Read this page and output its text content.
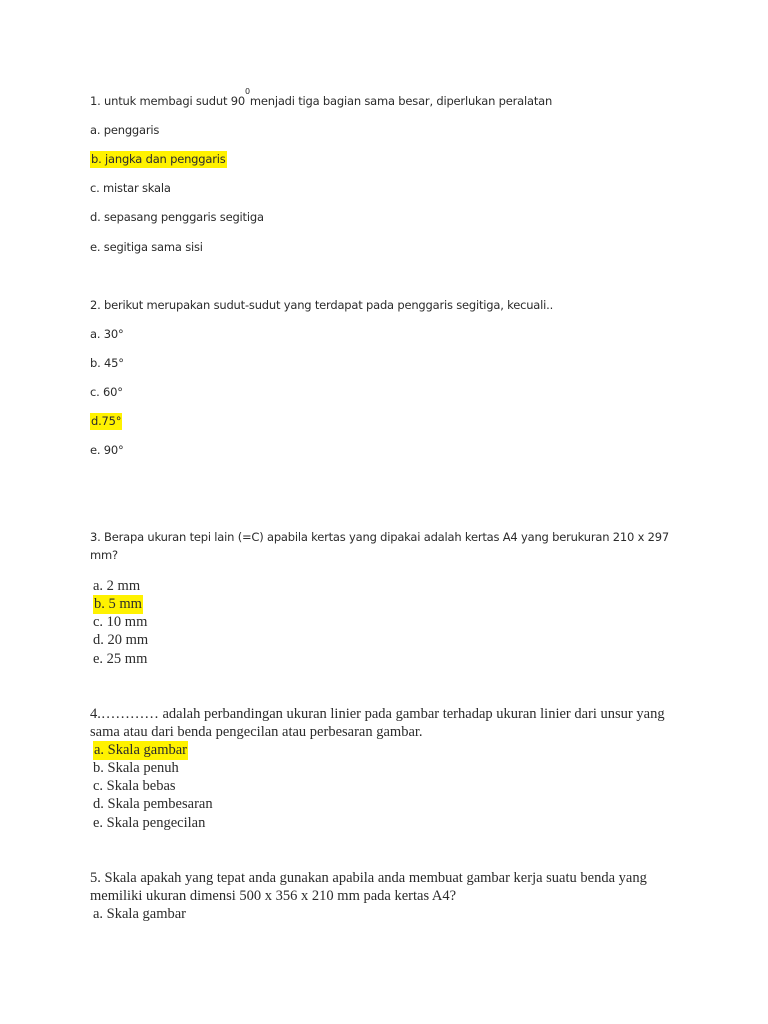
1. untuk membagi sudut $90^0menjadi$ tiga bagian sama besar, diperlukan peralatan
a. penggaris
b. jangka dan penggaris
c. mistar skala
d. sepasang penggaris segitiga
e. segitiga sama sisi
2. berikut merupakan sudut-sudut yang terdapat pada penggaris segitiga, kecuali..
a. 30°
b. 45°
c. 60°
d.75°
e. 90°
3. Berapa ukuran tepi lain (=C) apabila kertas yang dipakai adalah kertas A4 yang berukuran 210 x 297
mm?
a. 2 mm
b. 5 mm
c. 10 mm
d. 20 mm
e. 25 mm
4.………… adalah perbandingan ukuran linier pada gambar terhadap ukuran linier dari unsur yang
sama atau dari benda pengecilan atau perbesaran gambar.
a. Skala gambar
b. Skala penuh
c. Skala bebas
d. Skala pembesaran
e. Skala pengecilan
5. Skala apakah yang tepat anda gunakan apabila anda membuat gambar kerja suatu benda yang
memiliki ukuran dimensi 500 x 356 x 210 mm pada kertas A4?
a. Skala gambar
